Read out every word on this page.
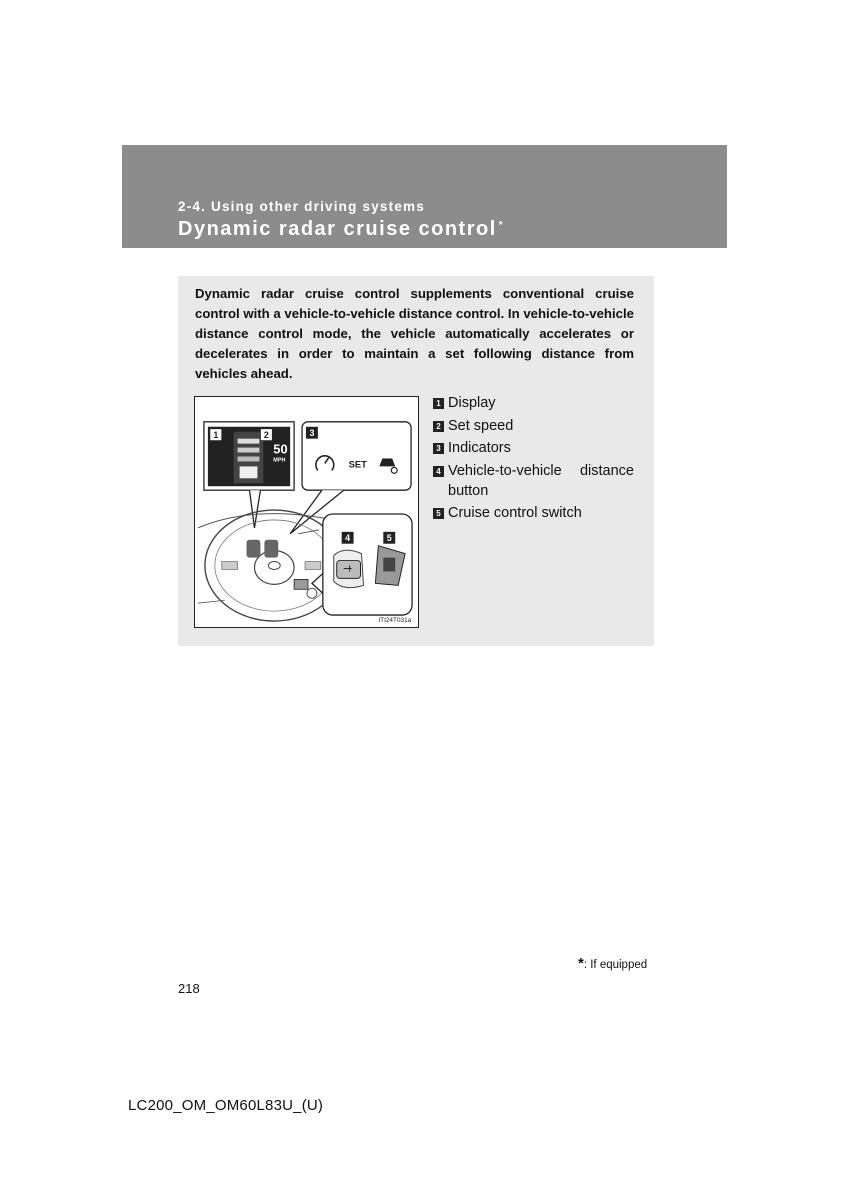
2-4. Using other driving systems
Dynamic radar cruise control *

Dynamic radar cruise control supplements conventional cruise control with a vehicle-to-vehicle distance control. In vehicle-to-vehicle distance control mode, the vehicle automatically accelerates or decelerates in order to maintain a set following distance from vehicles ahead.

50
MPH
1	2	3
SET
4	5
ITI24T031a
1 Display
2 Set speed
3 Indicators
4 Vehicle-to-vehicle distance button
5 Cruise control switch
*: If equipped
218
LC200_OM_OM60L83U_(U)
